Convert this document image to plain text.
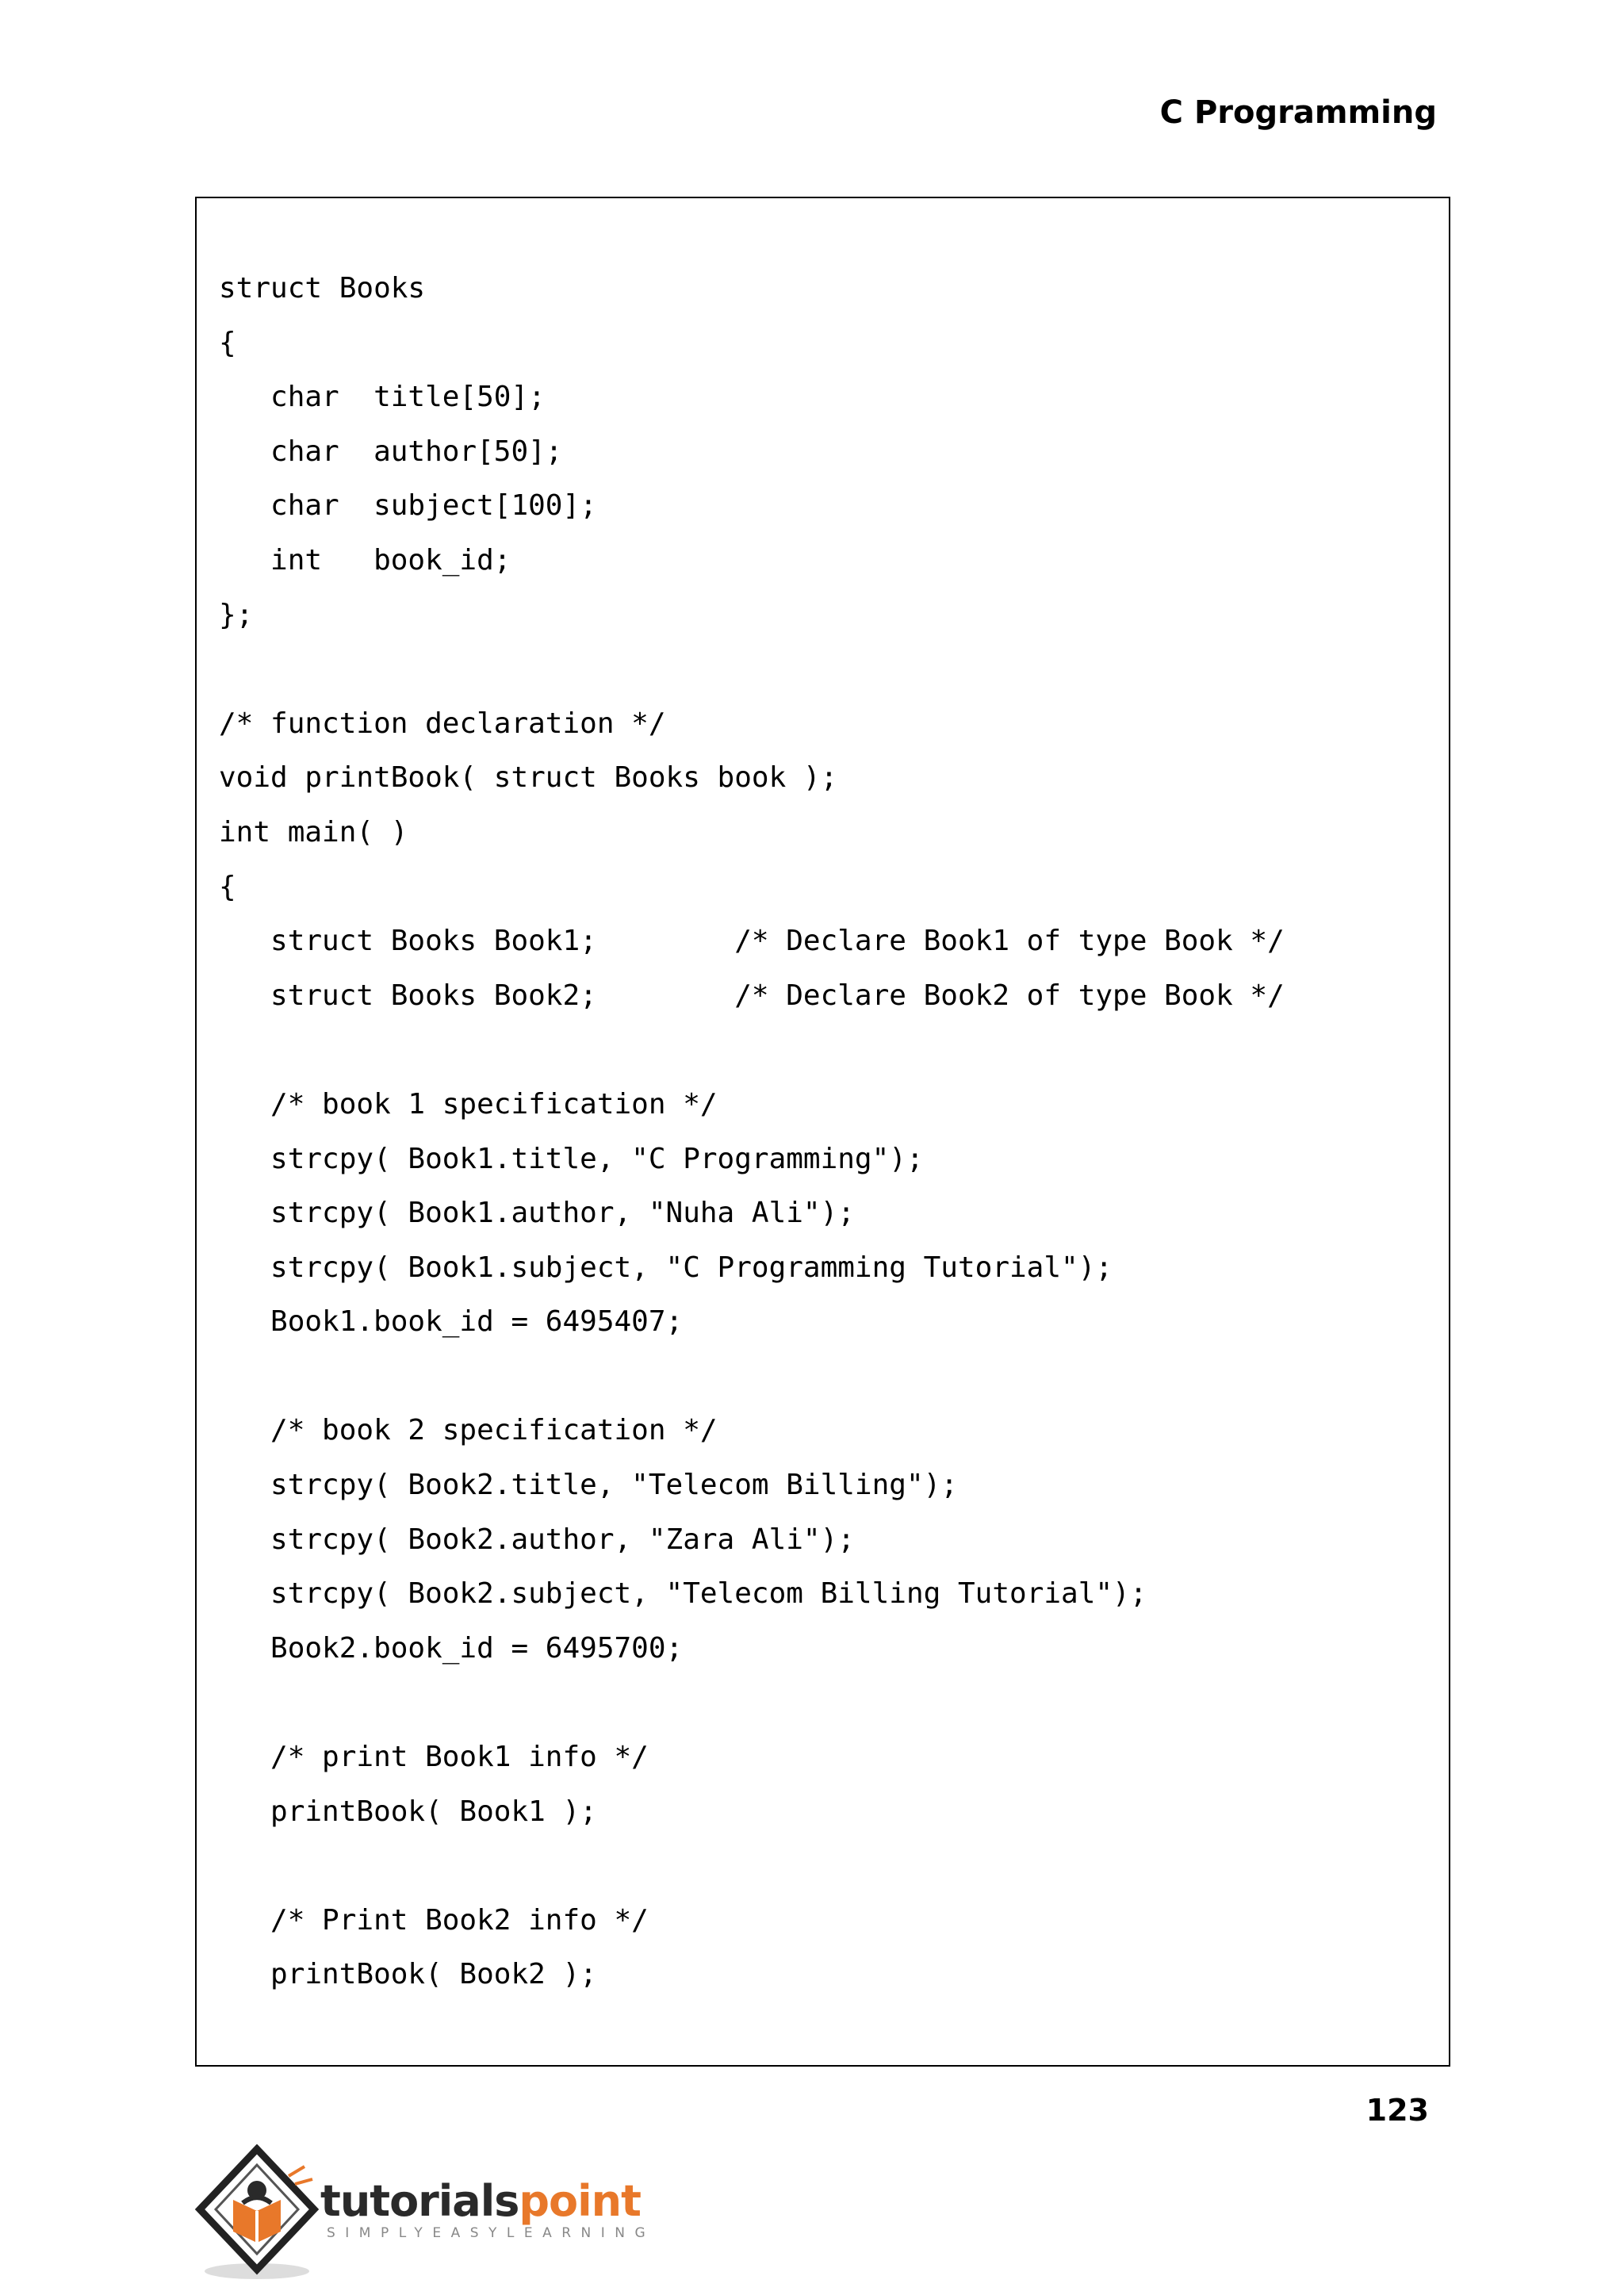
C Programming
struct Books
{
char  title[50];
char  author[50];
char  subject[100];
int   book_id;
};
/* function declaration */
void printBook( struct Books book );
int main( )
{
struct Books Book1;        /* Declare Book1 of type Book */
struct Books Book2;        /* Declare Book2 of type Book */
/* book 1 specification */
strcpy( Book1.title, "C Programming");
strcpy( Book1.author, "Nuha Ali");
strcpy( Book1.subject, "C Programming Tutorial");
Book1.book_id = 6495407;
/* book 2 specification */
strcpy( Book2.title, "Telecom Billing");
strcpy( Book2.author, "Zara Ali");
strcpy( Book2.subject, "Telecom Billing Tutorial");
Book2.book_id = 6495700;
/* print Book1 info */
printBook( Book1 );
/* Print Book2 info */
printBook( Book2 );
123
tutorialspoint
SIMPLYEASYLEARNING
